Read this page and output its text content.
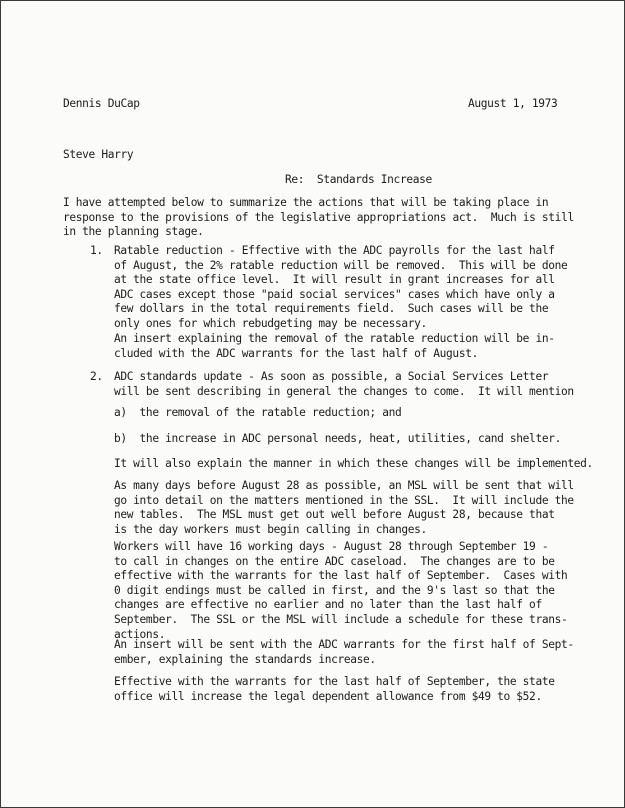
Dennis DuCap	August 1, 1973
Steve Harry
Re:  Standards Increase
I have attempted below to summarize the actions that will be taking place in
response to the provisions of the legislative appropriations act.  Much is still
in the planning stage.
1. Ratable reduction - Effective with the ADC payrolls for the last half
of August, the 2% ratable reduction will be removed.  This will be done
at the state office level.  It will result in grant increases for all
ADC cases except those "paid social services" cases which have only a
few dollars in the total requirements field.  Such cases will be the
only ones for which rebudgeting may be necessary.
An insert explaining the removal of the ratable reduction will be in-
cluded with the ADC warrants for the last half of August.
2. ADC standards update - As soon as possible, a Social Services Letter
will be sent describing in general the changes to come.  It will mention
a)  the removal of the ratable reduction; and
b)  the increase in ADC personal needs, heat, utilities, cand shelter.
It will also explain the manner in which these changes will be implemented.
As many days before August 28 as possible, an MSL will be sent that will
go into detail on the matters mentioned in the SSL.  It will include the
new tables.  The MSL must get out well before August 28, because that
is the day workers must begin calling in changes.
Workers will have 16 working days - August 28 through September 19 -
to call in changes on the entire ADC caseload.  The changes are to be
effective with the warrants for the last half of September.  Cases with
0 digit endings must be called in first, and the 9's last so that the
changes are effective no earlier and no later than the last half of
September.  The SSL or the MSL will include a schedule for these trans-
actions.
An insert will be sent with the ADC warrants for the first half of Sept-
ember, explaining the standards increase.
Effective with the warrants for the last half of September, the state
office will increase the legal dependent allowance from $49 to $52.
